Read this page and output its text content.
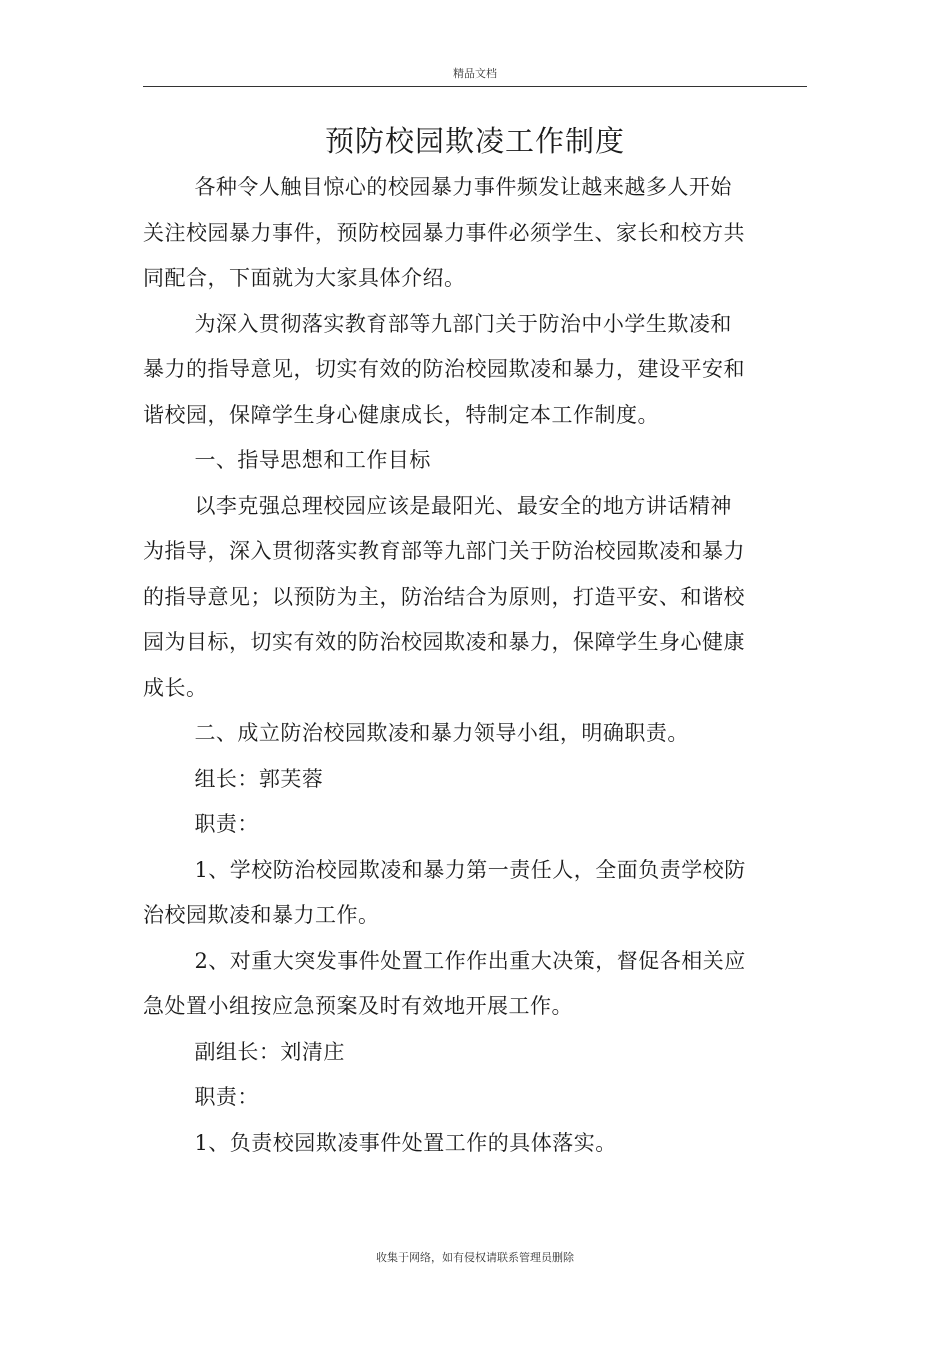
精品文档
预防校园欺凌工作制度

各种令人触目惊心的校园暴力事件频发让越来越多人开始关注校园暴力事件，预防校园暴力事件必须学生、家长和校方共同配合，下面就为大家具体介绍。

为深入贯彻落实教育部等九部门关于防治中小学生欺凌和暴力的指导意见，切实有效的防治校园欺凌和暴力，建设平安和谐校园，保障学生身心健康成长，特制定本工作制度。

一、指导思想和工作目标

以李克强总理校园应该是最阳光、最安全的地方讲话精神为指导，深入贯彻落实教育部等九部门关于防治校园欺凌和暴力的指导意见；以预防为主，防治结合为原则，打造平安、和谐校园为目标，切实有效的防治校园欺凌和暴力，保障学生身心健康成长。

二、成立防治校园欺凌和暴力领导小组，明确职责。

组长：郭芙蓉

职责：

1、学校防治校园欺凌和暴力第一责任人，全面负责学校防治校园欺凌和暴力工作。

2、对重大突发事件处置工作作出重大决策，督促各相关应急处置小组按应急预案及时有效地开展工作。

副组长：刘清庄

职责：

1、负责校园欺凌事件处置工作的具体落实。

收集于网络，如有侵权请联系管理员删除
